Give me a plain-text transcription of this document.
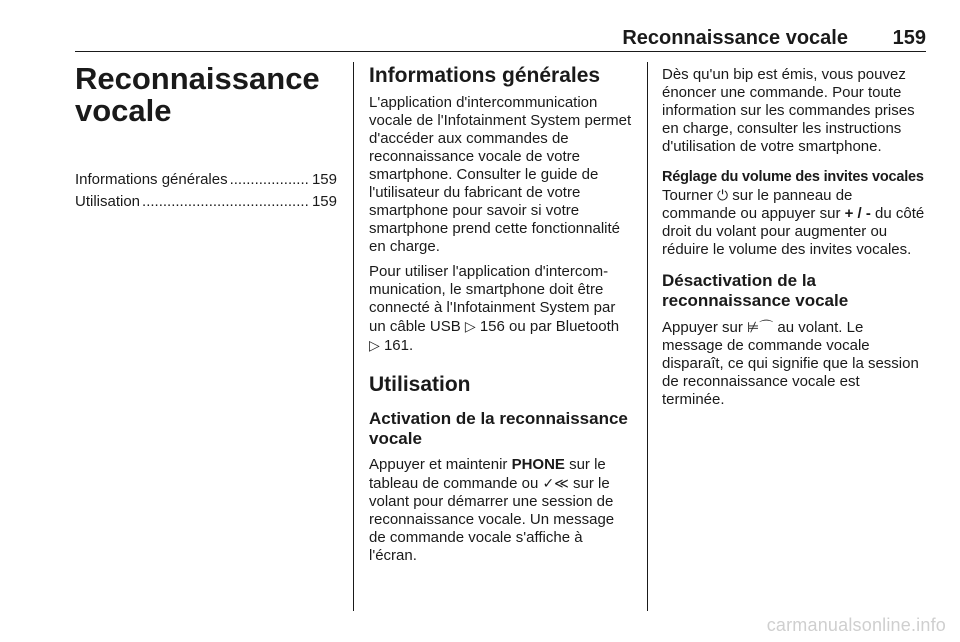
Reconnaissance vocale	159
Reconnaissance
vocale
Informations générales .....	159
Utilisation .....	159
Informations générales

L'application d'intercommunication vocale de l'Infotainment System permet d'accéder aux commandes de reconnaissance vocale de votre smartphone. Consulter le guide de l'utilisateur du fabricant de votre smartphone pour savoir si votre smartphone prend cette fonctionnalité en charge.

Pour utiliser l'application d'intercommunication, le smartphone doit être connecté à l'Infotainment System par un câble USB ▷ 156 ou par Bluetooth ▷ 161.

Utilisation
Activation de la reconnaissance vocale

Appuyer et maintenir PHONE sur le tableau de commande ou ✓≪ sur le volant pour démarrer une session de reconnaissance vocale. Un message de commande vocale s'affiche à l'écran.

Dès qu'un bip est émis, vous pouvez énoncer une commande. Pour toute information sur les commandes prises en charge, consulter les instructions d'utilisation de votre smartphone.

Réglage du volume des invites vocales

Tourner ⏻ sur le panneau de commande ou appuyer sur + / - du côté droit du volant pour augmenter ou réduire le volume des invites vocales.

Désactivation de la reconnaissance vocale

Appuyer sur ⊭⌒ au volant. Le message de commande vocale disparaît, ce qui signifie que la session de reconnaissance vocale est terminée.

carmanualsonline.info
